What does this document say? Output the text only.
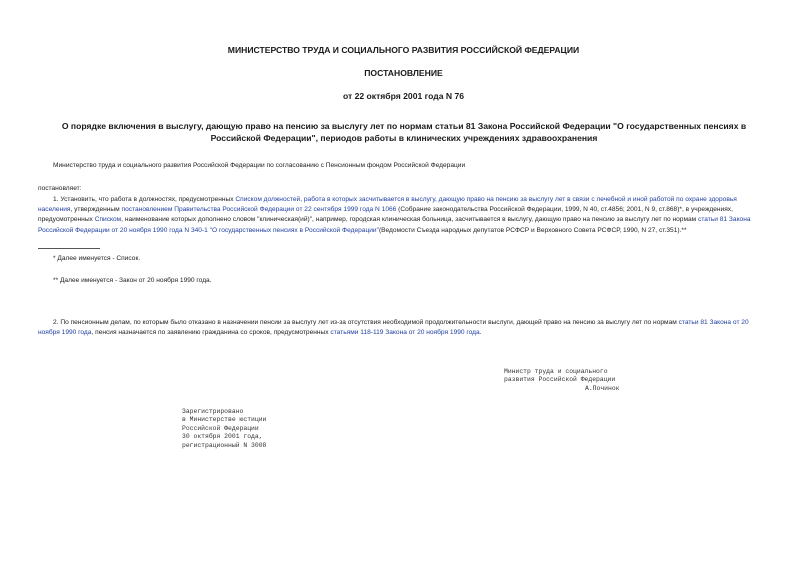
МИНИСТЕРСТВО ТРУДА И СОЦИАЛЬНОГО РАЗВИТИЯ РОССИЙСКОЙ ФЕДЕРАЦИИ
ПОСТАНОВЛЕНИЕ
от 22 октября 2001 года N 76
О порядке включения в выслугу, дающую право на пенсию за выслугу лет по нормам статьи 81 Закона Российской Федерации "О государственных пенсиях в Российской Федерации", периодов работы в клинических учреждениях здравоохранения
Министерство труда и социального развития Российской Федерации по согласованию с Пенсионным фондом Российской Федерации
постановляет:
1. Установить, что работа в должностях, предусмотренных Списком должностей, работа в которых засчитывается в выслугу, дающую право на пенсию за выслугу лет в связи с лечебной и иной работой по охране здоровья населения, утвержденным постановлением Правительства Российской Федерации от 22 сентября 1999 года N 1066 (Собрание законодательства Российской Федерации, 1999, N 40, ст.4856; 2001, N 9, ст.868)*, в учреждениях, предусмотренных Списком, наименование которых дополнено словом "клиническая(ий)", например, городская клиническая больница, засчитывается в выслугу, дающую право на пенсию за выслугу лет по нормам статьи 81 Закона Российской Федерации от 20 ноября 1990 года N 340-1 "О государственных пенсиях в Российской Федерации"(Ведомости Съезда народных депутатов РСФСР и Верховного Совета РСФСР, 1990, N 27, ст.351).**
* Далее именуется - Список.
** Далее именуется - Закон от 20 ноября 1990 года.
2. По пенсионным делам, по которым было отказано в назначении пенсии за выслугу лет из-за отсутствия необходимой продолжительности выслуги, дающей право на пенсию за выслугу лет по нормам статьи 81 Закона от 20 ноября 1990 года, пенсия назначается по заявлению гражданина со сроков, предусмотренных статьями 118-119 Закона от 20 ноября 1990 года.
Министр труда и социального
развития Российской Федерации
А.Починок
Зарегистрировано
в Министерстве юстиции
Российской Федерации
30 октября 2001 года,
регистрационный N 3008
